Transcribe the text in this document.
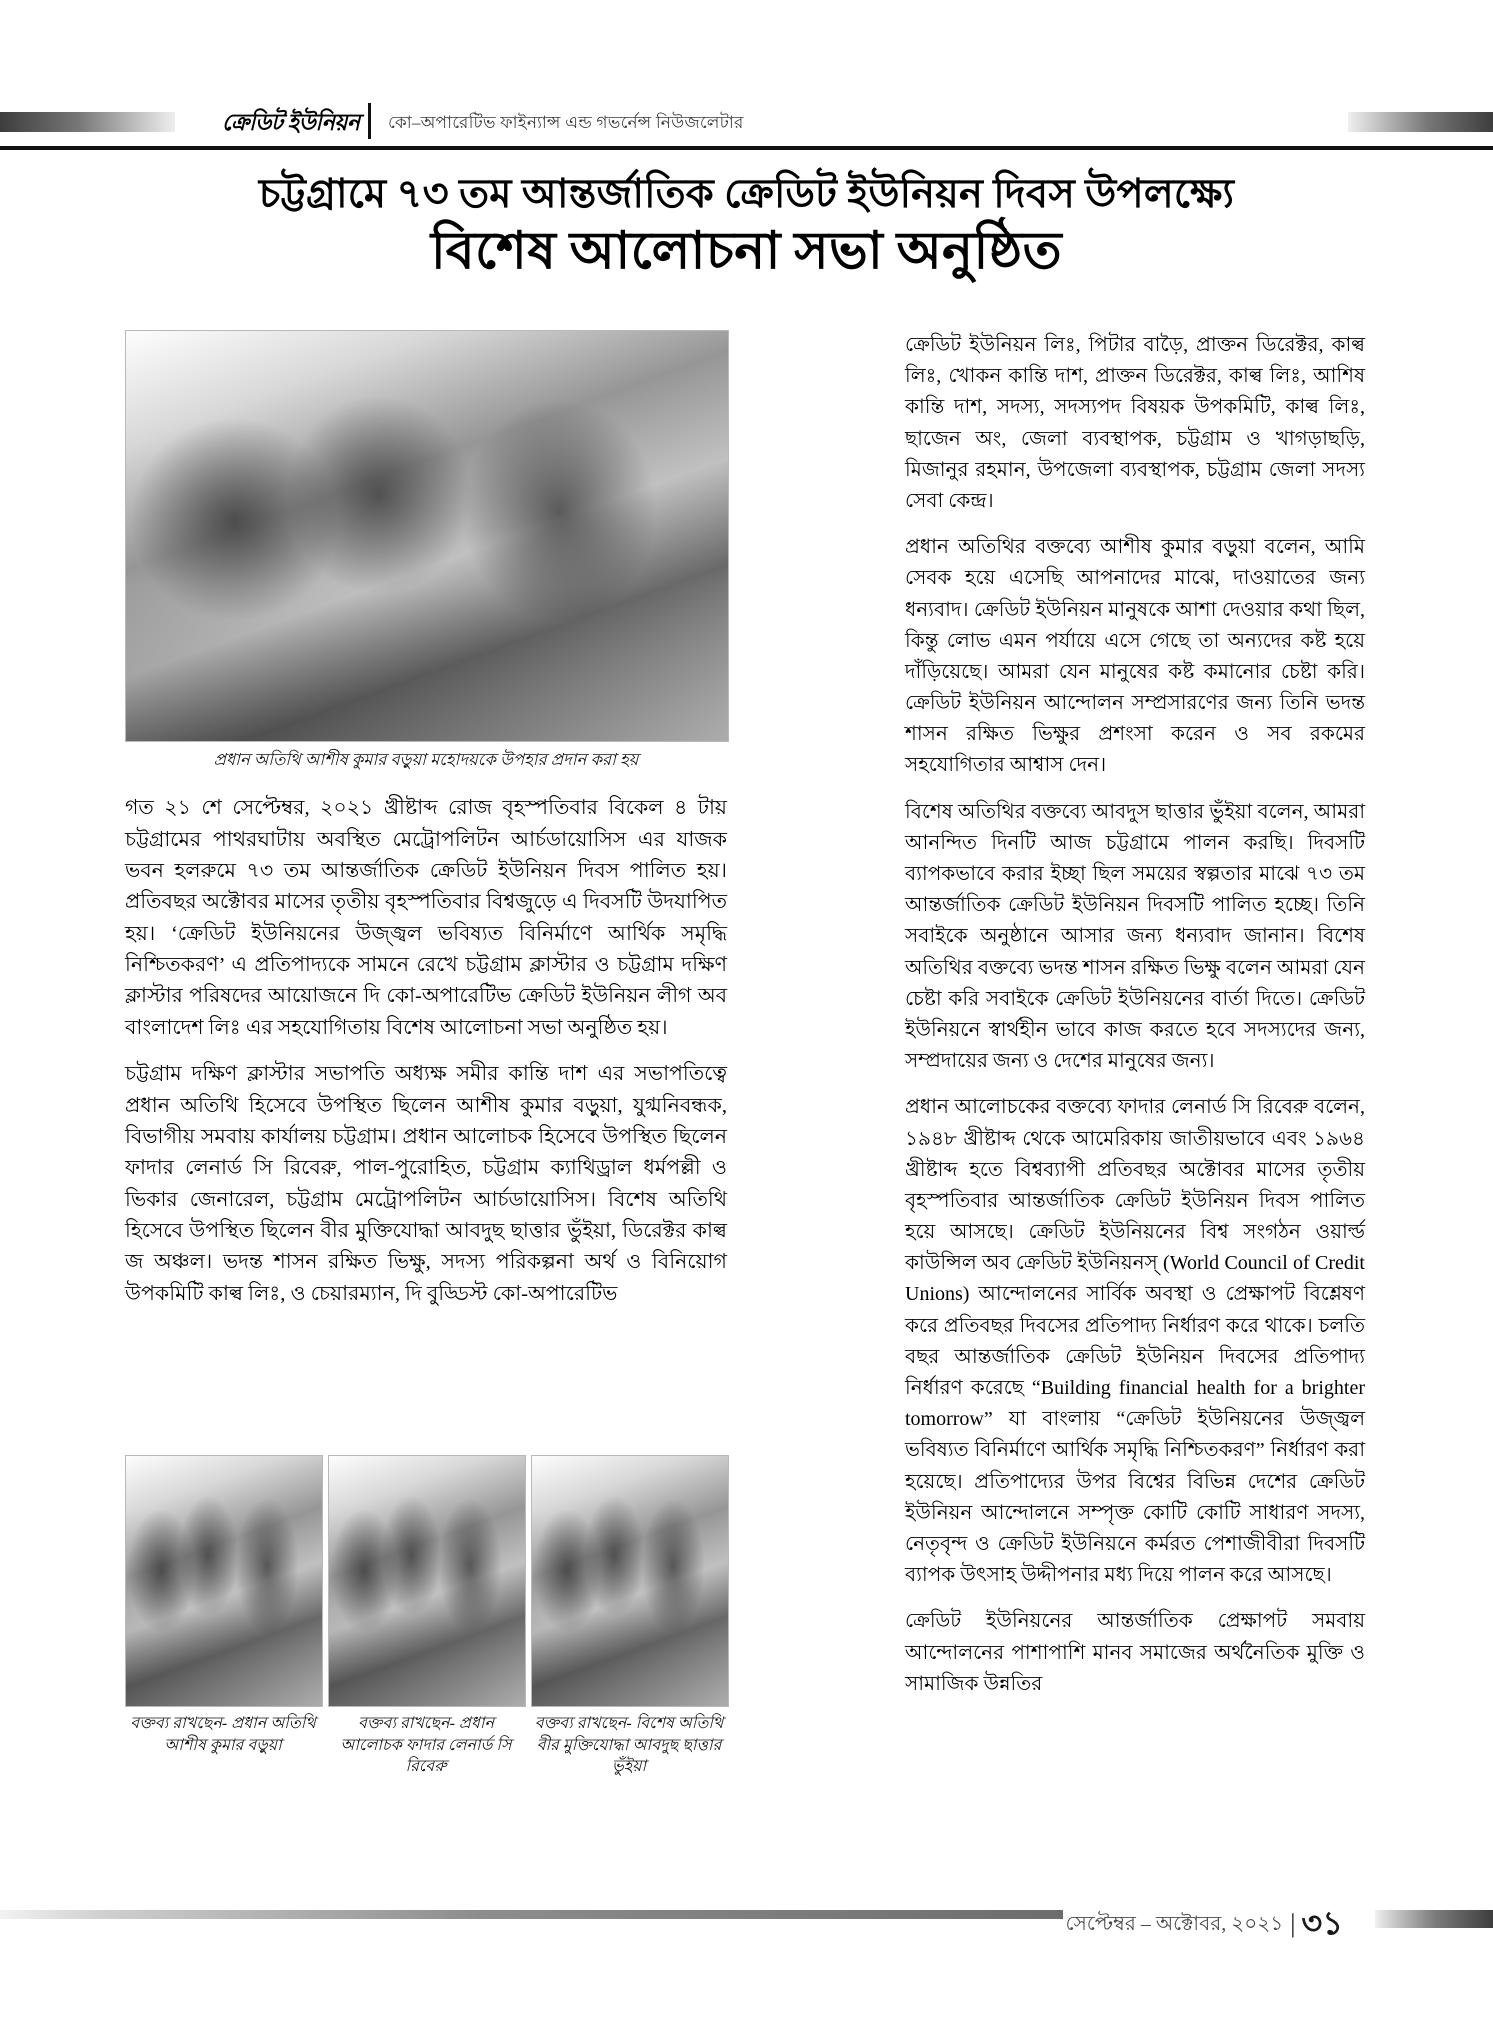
ক্রেডিট ইউনিয়ন কো–অপারেটিভ ফাইন্যান্স এন্ড গভর্নেন্স নিউজলেটার
চট্টগ্রামে ৭৩ তম আন্তর্জাতিক ক্রেডিট ইউনিয়ন দিবস উপলক্ষ্যে
বিশেষ আলোচনা সভা অনুষ্ঠিত
প্রধান অতিথি আশীষ কুমার বড়ুয়া মহোদয়কে উপহার প্রদান করা হয়

গত ২১ শে সেপ্টেম্বর, ২০২১ খ্রীষ্টাব্দ রোজ বৃহস্পতিবার বিকেল ৪ টায় চট্টগ্রামের পাথরঘাটায় অবস্থিত মেট্রোপলিটন আর্চডায়োসিস এর যাজক ভবন হলরুমে ৭৩ তম আন্তর্জাতিক ক্রেডিট ইউনিয়ন দিবস পালিত হয়। প্রতিবছর অক্টোবর মাসের তৃতীয় বৃহস্পতিবার বিশ্বজুড়ে এ দিবসটি উদযাপিত হয়। ‘ক্রেডিট ইউনিয়নের উজ্জ্বল ভবিষ্যত বিনির্মাণে আর্থিক সমৃদ্ধি নিশ্চিতকরণ’ এ প্রতিপাদ্যকে সামনে রেখে চট্টগ্রাম ক্লাস্টার ও চট্টগ্রাম দক্ষিণ ক্লাস্টার পরিষদের আয়োজনে দি কো-অপারেটিভ ক্রেডিট ইউনিয়ন লীগ অব বাংলাদেশ লিঃ এর সহযোগিতায় বিশেষ আলোচনা সভা অনুষ্ঠিত হয়।

চট্টগ্রাম দক্ষিণ ক্লাস্টার সভাপতি অধ্যক্ষ সমীর কান্তি দাশ এর সভাপতিত্বে প্রধান অতিথি হিসেবে উপস্থিত ছিলেন আশীষ কুমার বড়ুয়া, যুগ্মনিবন্ধক, বিভাগীয় সমবায় কার্যালয় চট্টগ্রাম। প্রধান আলোচক হিসেবে উপস্থিত ছিলেন ফাদার লেনার্ড সি রিবেরু, পাল-পুরোহিত, চট্টগ্রাম ক্যাথিড্রাল ধর্মপল্লী ও ভিকার জেনারেল, চট্টগ্রাম মেট্রোপলিটন আর্চডায়োসিস। বিশেষ অতিথি হিসেবে উপস্থিত ছিলেন বীর মুক্তিযোদ্ধা আবদুছ ছাত্তার ভুঁইয়া, ডিরেক্টর কাল্ব জ অঞ্চল। ভদন্ত শাসন রক্ষিত ভিক্ষু, সদস্য পরিকল্পনা অর্থ ও বিনিয়োগ উপকমিটি কাল্ব লিঃ, ও চেয়ারম্যান, দি বুড্ডিস্ট কো-অপারেটিভ

ক্রেডিট ইউনিয়ন লিঃ, পিটার বাড়ৈ, প্রাক্তন ডিরেক্টর, কাল্ব লিঃ, খোকন কান্তি দাশ, প্রাক্তন ডিরেক্টর, কাল্ব লিঃ, আশিষ কান্তি দাশ, সদস্য, সদস্যপদ বিষয়ক উপকমিটি, কাল্ব লিঃ, ছাজেন অং, জেলা ব্যবস্থাপক, চট্টগ্রাম ও খাগড়াছড়ি, মিজানুর রহমান, উপজেলা ব্যবস্থাপক, চট্টগ্রাম জেলা সদস্য সেবা কেন্দ্র।

প্রধান অতিথির বক্তব্যে আশীষ কুমার বড়ুয়া বলেন, আমি সেবক হয়ে এসেছি আপনাদের মাঝে, দাওয়াতের জন্য ধন্যবাদ। ক্রেডিট ইউনিয়ন মানুষকে আশা দেওয়ার কথা ছিল, কিন্তু লোভ এমন পর্যায়ে এসে গেছে তা অন্যদের কষ্ট হয়ে দাঁড়িয়েছে। আমরা যেন মানুষের কষ্ট কমানোর চেষ্টা করি। ক্রেডিট ইউনিয়ন আন্দোলন সম্প্রসারণের জন্য তিনি ভদন্ত শাসন রক্ষিত ভিক্ষুর প্রশংসা করেন ও সব রকমের সহযোগিতার আশ্বাস দেন।

বিশেষ অতিথির বক্তব্যে আবদুস ছাত্তার ভুঁইয়া বলেন, আমরা আনন্দিত দিনটি আজ চট্টগ্রামে পালন করছি। দিবসটি ব্যাপকভাবে করার ইচ্ছা ছিল সময়ের স্বল্পতার মাঝে ৭৩ তম আন্তর্জাতিক ক্রেডিট ইউনিয়ন দিবসটি পালিত হচ্ছে। তিনি সবাইকে অনুষ্ঠানে আসার জন্য ধন্যবাদ জানান। বিশেষ অতিথির বক্তব্যে ভদন্ত শাসন রক্ষিত ভিক্ষু বলেন আমরা যেন চেষ্টা করি সবাইকে ক্রেডিট ইউনিয়নের বার্তা দিতে। ক্রেডিট ইউনিয়নে স্বার্থহীন ভাবে কাজ করতে হবে সদস্যদের জন্য, সম্প্রদায়ের জন্য ও দেশের মানুষের জন্য।

প্রধান আলোচকের বক্তব্যে ফাদার লেনার্ড সি রিবেরু বলেন, ১৯৪৮ খ্রীষ্টাব্দ থেকে আমেরিকায় জাতীয়ভাবে এবং ১৯৬৪ খ্রীষ্টাব্দ হতে বিশ্বব্যাপী প্রতিবছর অক্টোবর মাসের তৃতীয় বৃহস্পতিবার আন্তর্জাতিক ক্রেডিট ইউনিয়ন দিবস পালিত হয়ে আসছে। ক্রেডিট ইউনিয়নের বিশ্ব সংগঠন ওয়ার্ল্ড কাউন্সিল অব ক্রেডিট ইউনিয়নস্ (World Council of Credit Unions) আন্দোলনের সার্বিক অবস্থা ও প্রেক্ষাপট বিশ্লেষণ করে প্রতিবছর দিবসের প্রতিপাদ্য নির্ধারণ করে থাকে। চলতি বছর আন্তর্জাতিক ক্রেডিট ইউনিয়ন দিবসের প্রতিপাদ্য নির্ধারণ করেছে “Building financial health for a brighter tomorrow” যা বাংলায় “ক্রেডিট ইউনিয়নের উজ্জ্বল ভবিষ্যত বিনির্মাণে আর্থিক সমৃদ্ধি নিশ্চিতকরণ” নির্ধারণ করা হয়েছে। প্রতিপাদ্যের উপর বিশ্বের বিভিন্ন দেশের ক্রেডিট ইউনিয়ন আন্দোলনে সম্পৃক্ত কোটি কোটি সাধারণ সদস্য, নেতৃবৃন্দ ও ক্রেডিট ইউনিয়নে কর্মরত পেশাজীবীরা দিবসটি ব্যাপক উৎসাহ উদ্দীপনার মধ্য দিয়ে পালন করে আসছে।

ক্রেডিট ইউনিয়নের আন্তর্জাতিক প্রেক্ষাপট সমবায় আন্দোলনের পাশাপাশি মানব সমাজের অর্থনৈতিক মুক্তি ও সামাজিক উন্নতির

বক্তব্য রাখছেন- প্রধান অতিথি আশীষ কুমার বড়ুয়া
বক্তব্য রাখছেন- প্রধান আলোচক ফাদার লেনার্ড সি রিবেরু
বক্তব্য রাখছেন- বিশেষ অতিথি বীর মুক্তিযোদ্ধা আবদুছ ছাত্তার ভুঁইয়া
সেপ্টেম্বর – অক্টোবর, ২০২১ | ৩১
